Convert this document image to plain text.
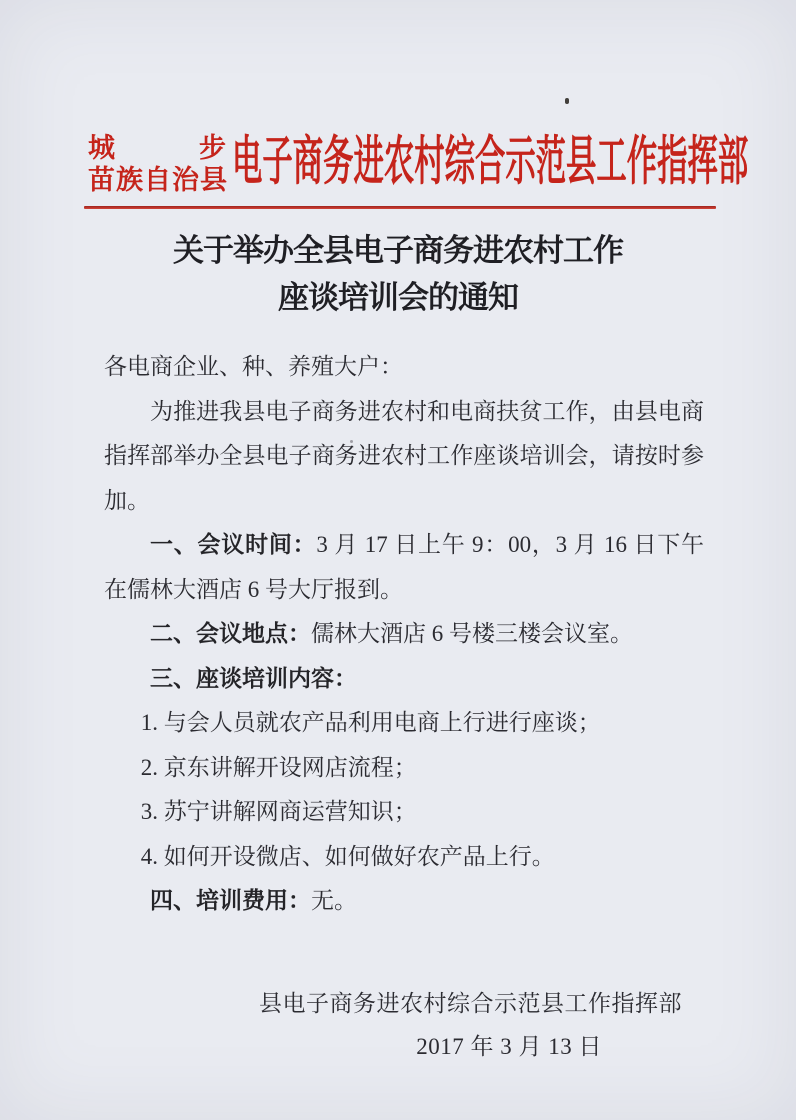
城	步
苗族自治县 电子商务进农村综合示范县工作指挥部
关于举办全县电子商务进农村工作
座谈培训会的通知

各电商企业、种、养殖大户：

为推进我县电子商务进农村和电商扶贫工作，由县电商指挥部举办全县电子商务进农村工作座谈培训会，请按时参加。

一、会议时间：3 月 17 日上午 9：00，3 月 16 日下午在儒林大酒店 6 号大厅报到。

二、会议地点：儒林大酒店 6 号楼三楼会议室。

三、座谈培训内容：

1. 与会人员就农产品利用电商上行进行座谈；

2. 京东讲解开设网店流程；

3. 苏宁讲解网商运营知识；

4. 如何开设微店、如何做好农产品上行。

四、培训费用：无。

县电子商务进农村综合示范县工作指挥部
2017 年 3 月 13 日
